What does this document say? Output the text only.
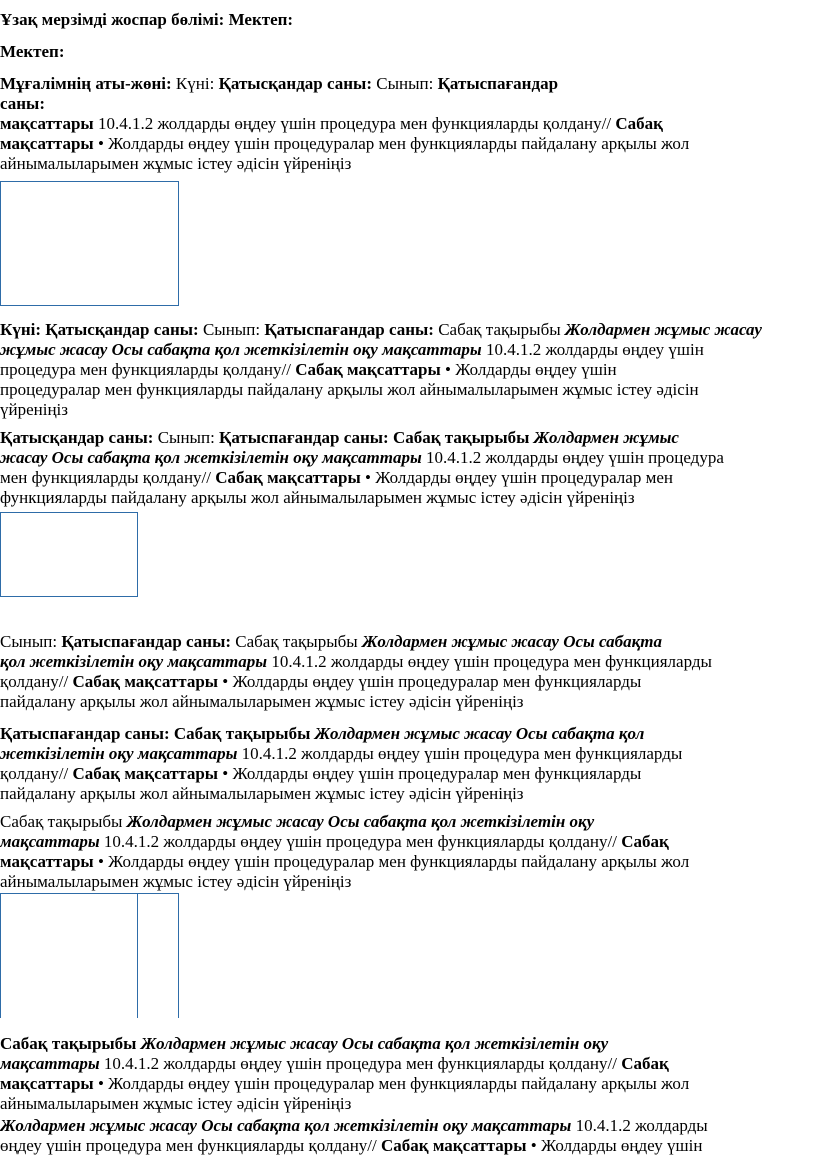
Ұзақ мерзімді жоспар бөлімі: Мектеп:
Мектеп:
Мұғалімнің аты-жөні: Күні: Қатысқандар саны: Сынып: Қатыспағандар
саны:
мақсаттары 10.4.1.2 жолдарды өңдеу үшін процедура мен функцияларды қолдану// Сабақ
мақсаттары • Жолдарды өңдеу үшін процедуралар мен функцияларды пайдалану арқылы жол
айнымалыларымен жұмыс істеу әдісін үйреніңіз
Күні: Қатысқандар саны: Сынып: Қатыспағандар саны: Сабақ тақырыбы Жолдармен жұмыс жасау
жұмыс жасау Осы сабақта қол жеткізілетін оқу мақсаттары 10.4.1.2 жолдарды өңдеу үшін
процедура мен функцияларды қолдану// Сабақ мақсаттары • Жолдарды өңдеу үшін
процедуралар мен функцияларды пайдалану арқылы жол айнымалыларымен жұмыс істеу әдісін
үйреніңіз
Қатысқандар саны: Сынып: Қатыспағандар саны: Сабақ тақырыбы Жолдармен жұмыс
жасау Осы сабақта қол жеткізілетін оқу мақсаттары 10.4.1.2 жолдарды өңдеу үшін процедура
мен функцияларды қолдану// Сабақ мақсаттары • Жолдарды өңдеу үшін процедуралар мен
функцияларды пайдалану арқылы жол айнымалыларымен жұмыс істеу әдісін үйреніңіз
Сынып: Қатыспағандар саны: Сабақ тақырыбы Жолдармен жұмыс жасау Осы сабақта
қол жеткізілетін оқу мақсаттары 10.4.1.2 жолдарды өңдеу үшін процедура мен функцияларды
қолдану// Сабақ мақсаттары • Жолдарды өңдеу үшін процедуралар мен функцияларды
пайдалану арқылы жол айнымалыларымен жұмыс істеу әдісін үйреніңіз
Қатыспағандар саны: Сабақ тақырыбы Жолдармен жұмыс жасау Осы сабақта қол
жеткізілетін оқу мақсаттары 10.4.1.2 жолдарды өңдеу үшін процедура мен функцияларды
қолдану// Сабақ мақсаттары • Жолдарды өңдеу үшін процедуралар мен функцияларды
пайдалану арқылы жол айнымалыларымен жұмыс істеу әдісін үйреніңіз
Сабақ тақырыбы Жолдармен жұмыс жасау Осы сабақта қол жеткізілетін оқу
мақсаттары 10.4.1.2 жолдарды өңдеу үшін процедура мен функцияларды қолдану// Сабақ
мақсаттары • Жолдарды өңдеу үшін процедуралар мен функцияларды пайдалану арқылы жол
айнымалыларымен жұмыс істеу әдісін үйреніңіз
Сабақ тақырыбы Жолдармен жұмыс жасау Осы сабақта қол жеткізілетін оқу
мақсаттары 10.4.1.2 жолдарды өңдеу үшін процедура мен функцияларды қолдану// Сабақ
мақсаттары • Жолдарды өңдеу үшін процедуралар мен функцияларды пайдалану арқылы жол
айнымалыларымен жұмыс істеу әдісін үйреніңіз
Жолдармен жұмыс жасау Осы сабақта қол жеткізілетін оқу мақсаттары 10.4.1.2 жолдарды
өңдеу үшін процедура мен функцияларды қолдану// Сабақ мақсаттары • Жолдарды өңдеу үшін
